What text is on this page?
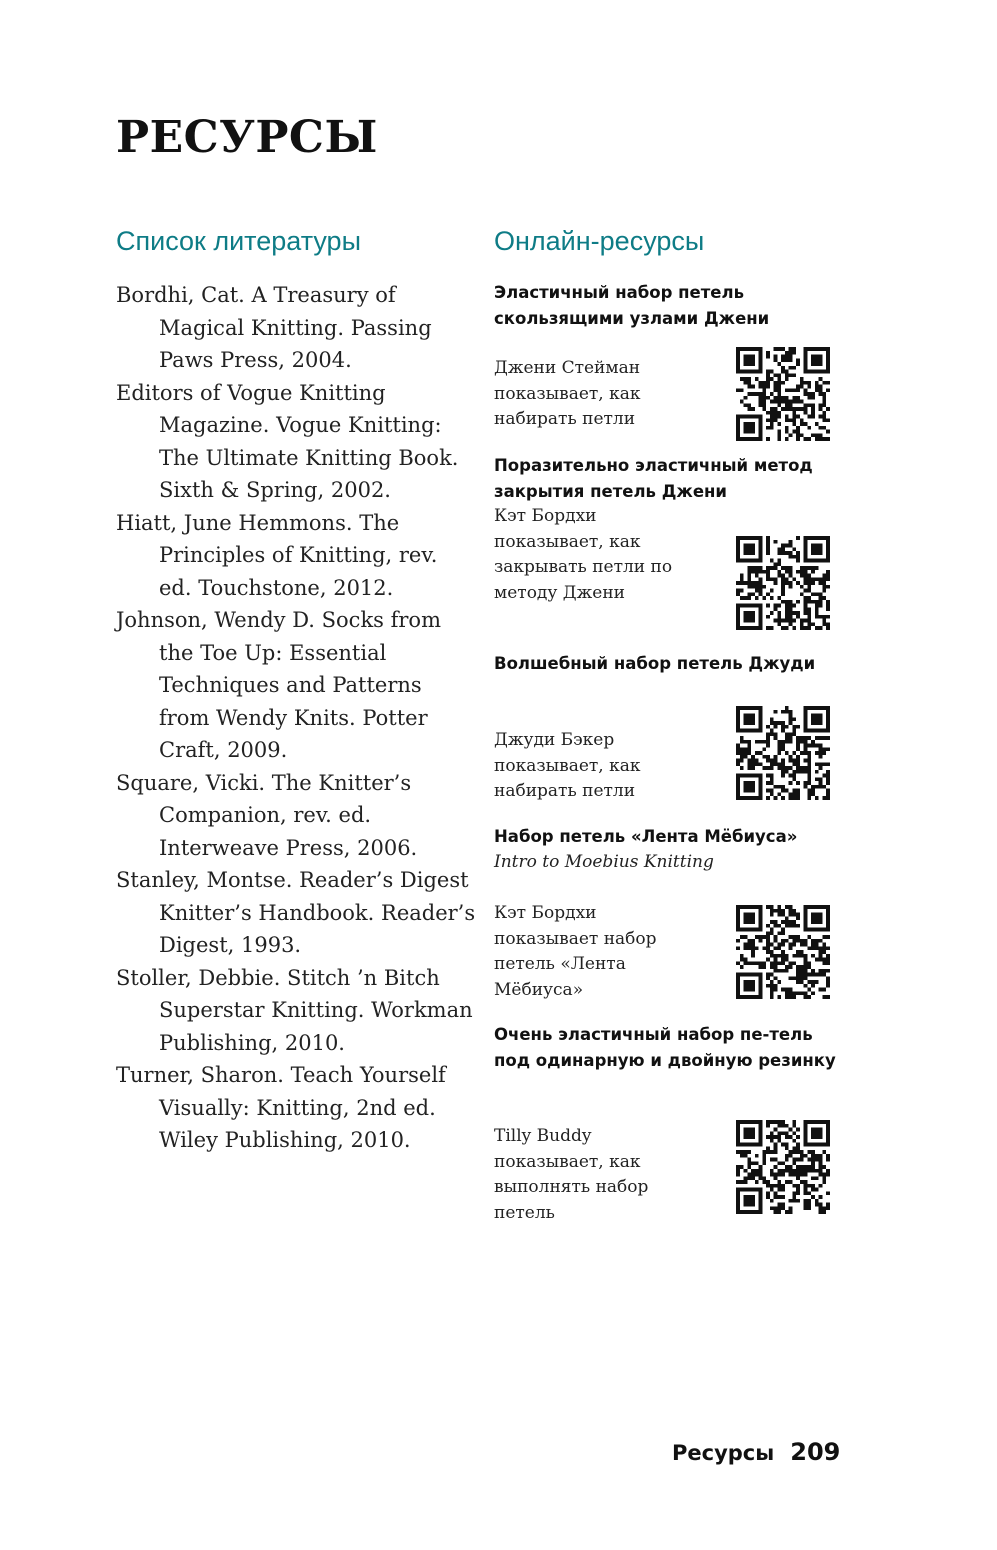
РЕСУРСЫ
Список литературы	Онлайн-ресурсы

Bordhi, Cat. A Treasury of Magical Knitting. Passing Paws Press, 2004.

Editors of Vogue Knitting Magazine. Vogue Knitting: The Ultimate Knitting Book. Sixth & Spring, 2002.

Hiatt, June Hemmons. The Principles of Knitting, rev. ed. Touchstone, 2012.

Johnson, Wendy D. Socks from the Toe Up: Essential Techniques and Patterns from Wendy Knits. Potter Craft, 2009.

Square, Vicki. The Knitter’s Companion, rev. ed. Interweave Press, 2006.

Stanley, Montse. Reader’s Digest Knitter’s Handbook. Reader’s Digest, 1993.

Stoller, Debbie. Stitch ’n Bitch Superstar Knitting. Workman Publishing, 2010.

Turner, Sharon. Teach Yourself Visually: Knitting, 2nd ed. Wiley Publishing, 2010.

Эластичный набор петель скользящими узлами Джени

Джени Стейман показывает, как набирать петли

Поразительно эластичный метод закрытия петель Джени

Кэт Бордхи показывает, как закрывать петли по методу Джени

Волшебный набор петель Джуди

Джуди Бэкер показывает, как набирать петли

Набор петель «Лента Мёбиуса»

Intro to Moebius Knitting

Кэт Бордхи показывает набор петель «Лента Мёбиуса»

Очень эластичный набор пе-тель под одинарную и двойную резинку

Tilly Buddy показывает, как выполнять набор петель

Ресурсы 209
